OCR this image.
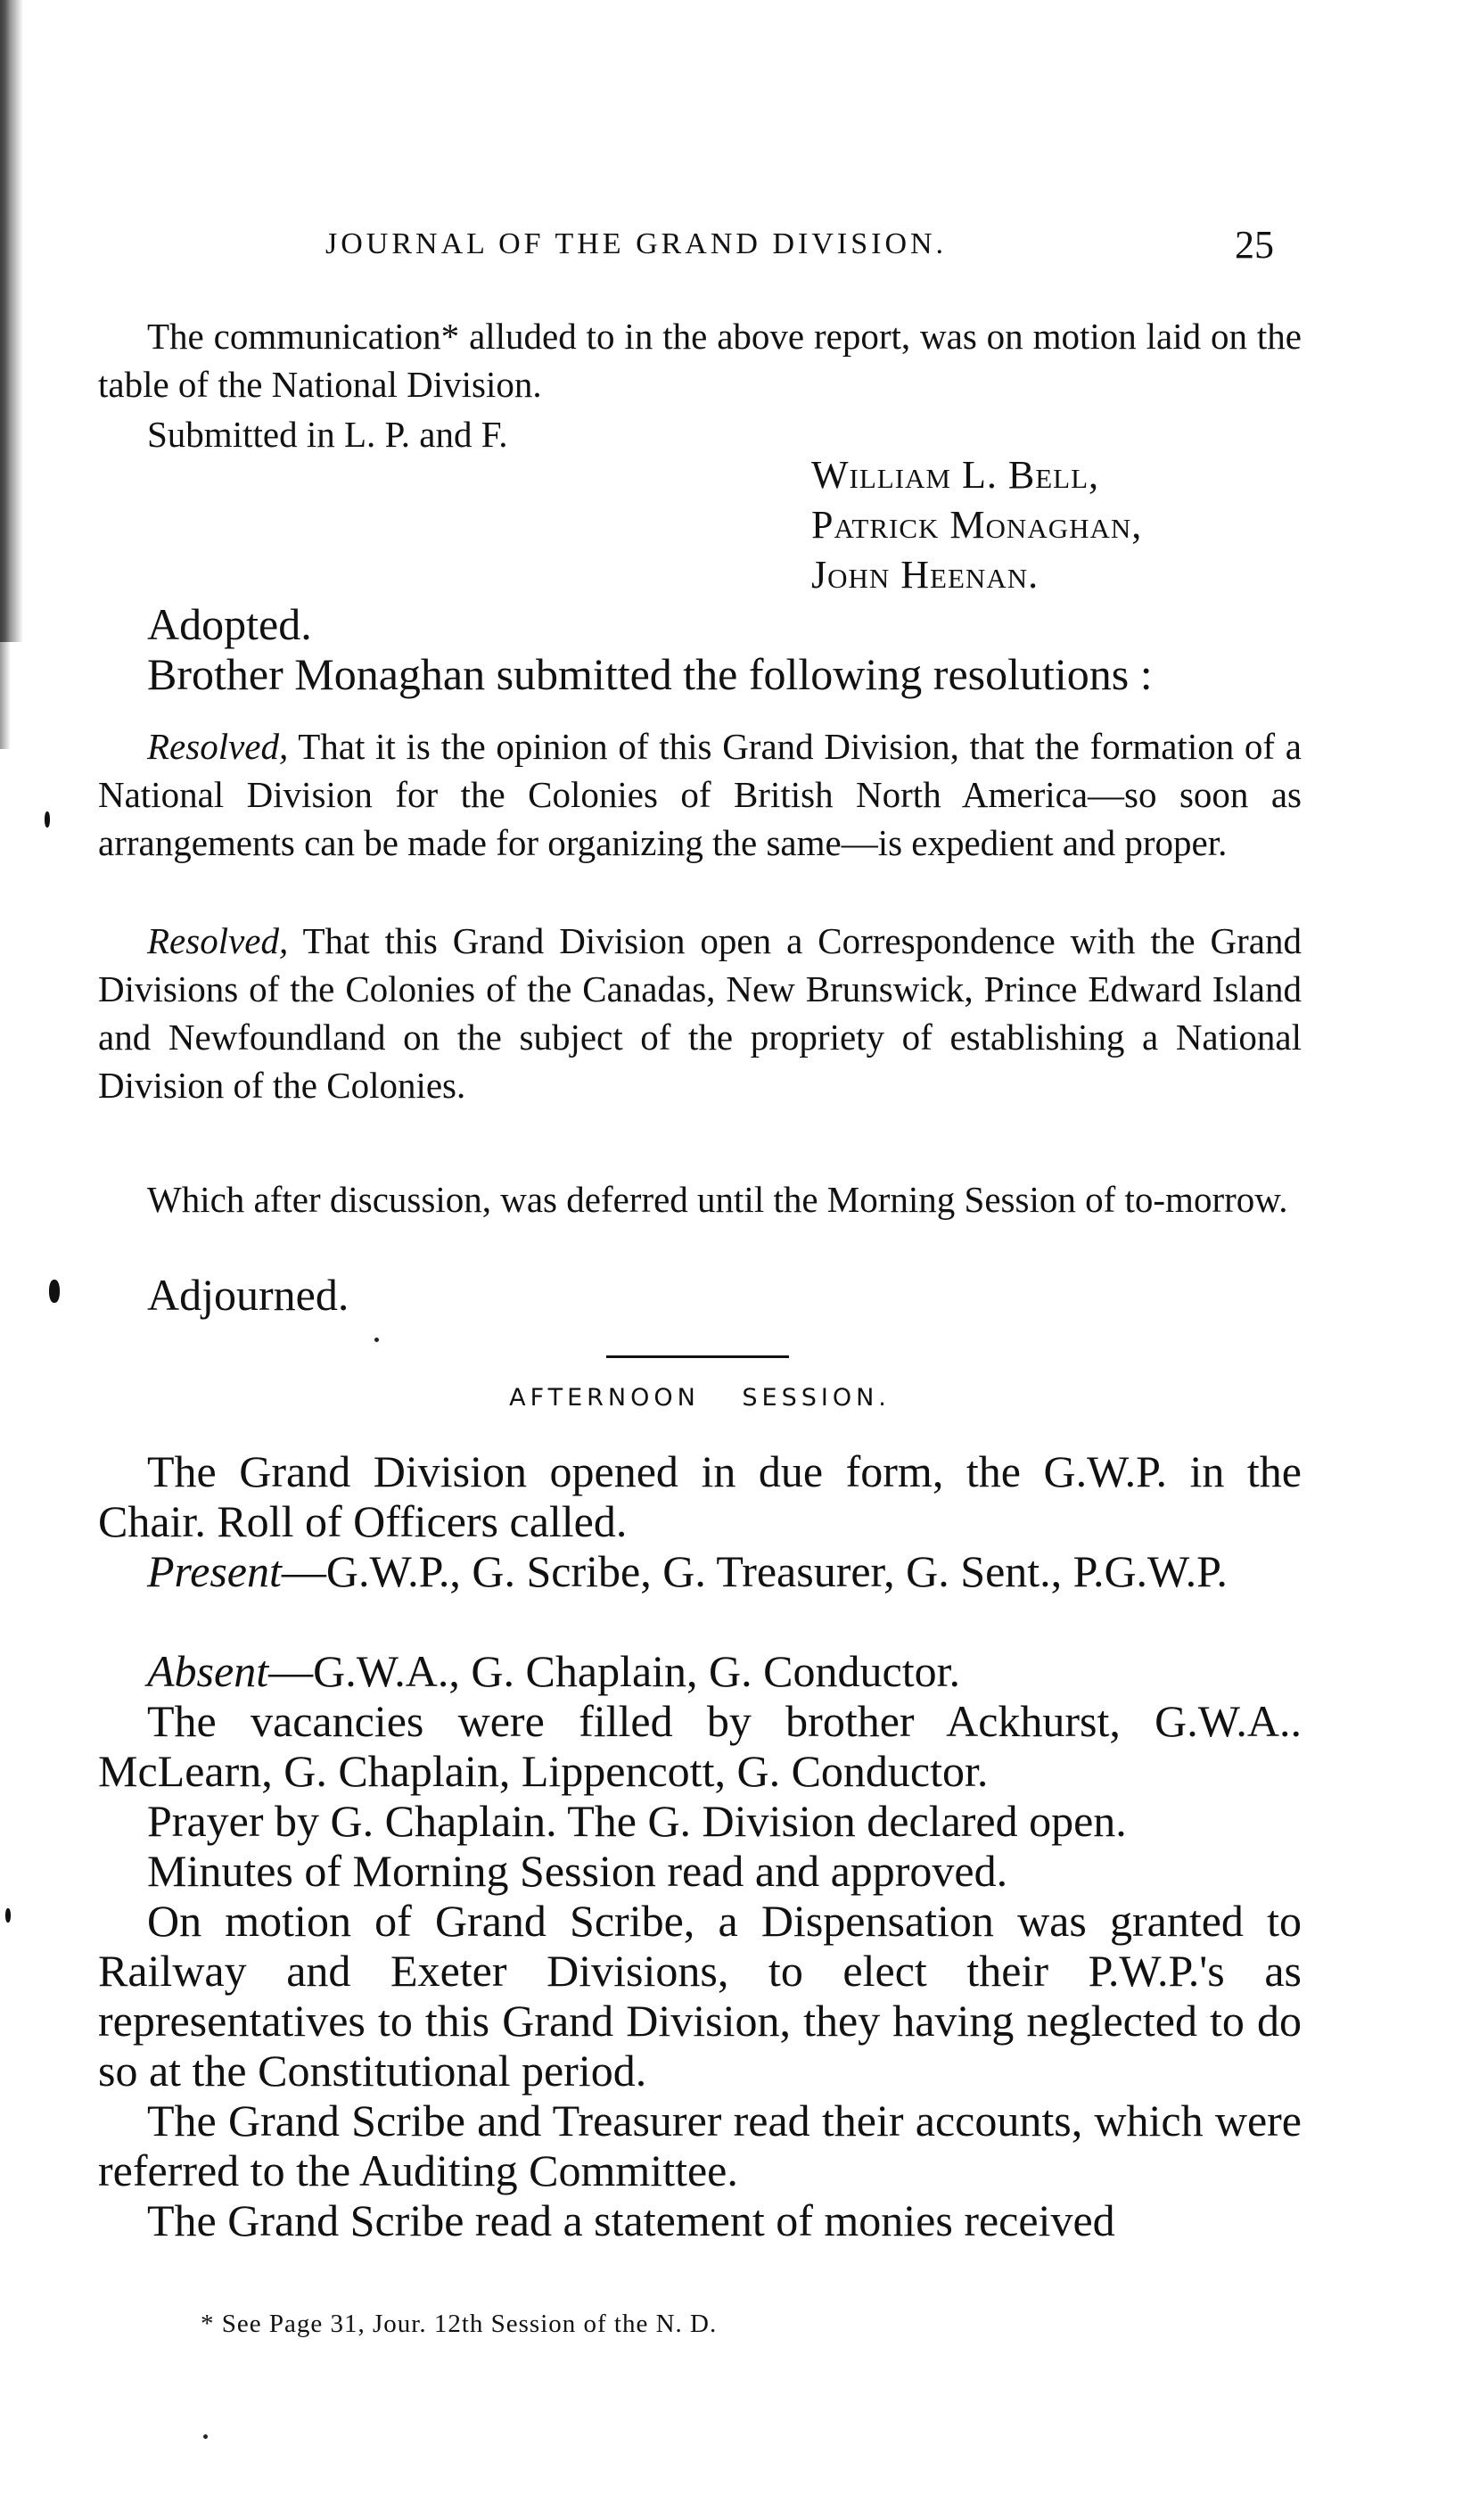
JOURNAL OF THE GRAND DIVISION.	25
The communication* alluded to in the above report, was on motion laid on the table of the National Division.
Submitted in L. P. and F.
William L. Bell,
Patrick Monaghan,
John Heenan.
Adopted.
Brother Monaghan submitted the following resolutions :
Resolved, That it is the opinion of this Grand Division, that the formation of a National Division for the Colonies of British North America—so soon as arrangements can be made for organizing the same—is expedient and proper.
Resolved, That this Grand Division open a Correspondence with the Grand Divisions of the Colonies of the Canadas, New Brunswick, Prince Edward Island and Newfoundland on the subject of the propriety of establishing a National Division of the Colonies.
Which after discussion, was deferred until the Morning Session of to-morrow.
Adjourned.
AFTERNOON SESSION.
The Grand Division opened in due form, the G.W.P. in the Chair. Roll of Officers called.
Present—G.W.P., G. Scribe, G. Treasurer, G. Sent., P.G.W.P.
Absent—G.W.A., G. Chaplain, G. Conductor.
The vacancies were filled by brother Ackhurst, G.W.A.. McLearn, G. Chaplain, Lippencott, G. Conductor.
Prayer by G. Chaplain. The G. Division declared open.
Minutes of Morning Session read and approved.
On motion of Grand Scribe, a Dispensation was granted to Railway and Exeter Divisions, to elect their P.W.P.'s as representatives to this Grand Division, they having neglected to do so at the Constitutional period.
The Grand Scribe and Treasurer read their accounts, which were referred to the Auditing Committee.
The Grand Scribe read a statement of monies received
* See Page 31, Jour. 12th Session of the N. D.
